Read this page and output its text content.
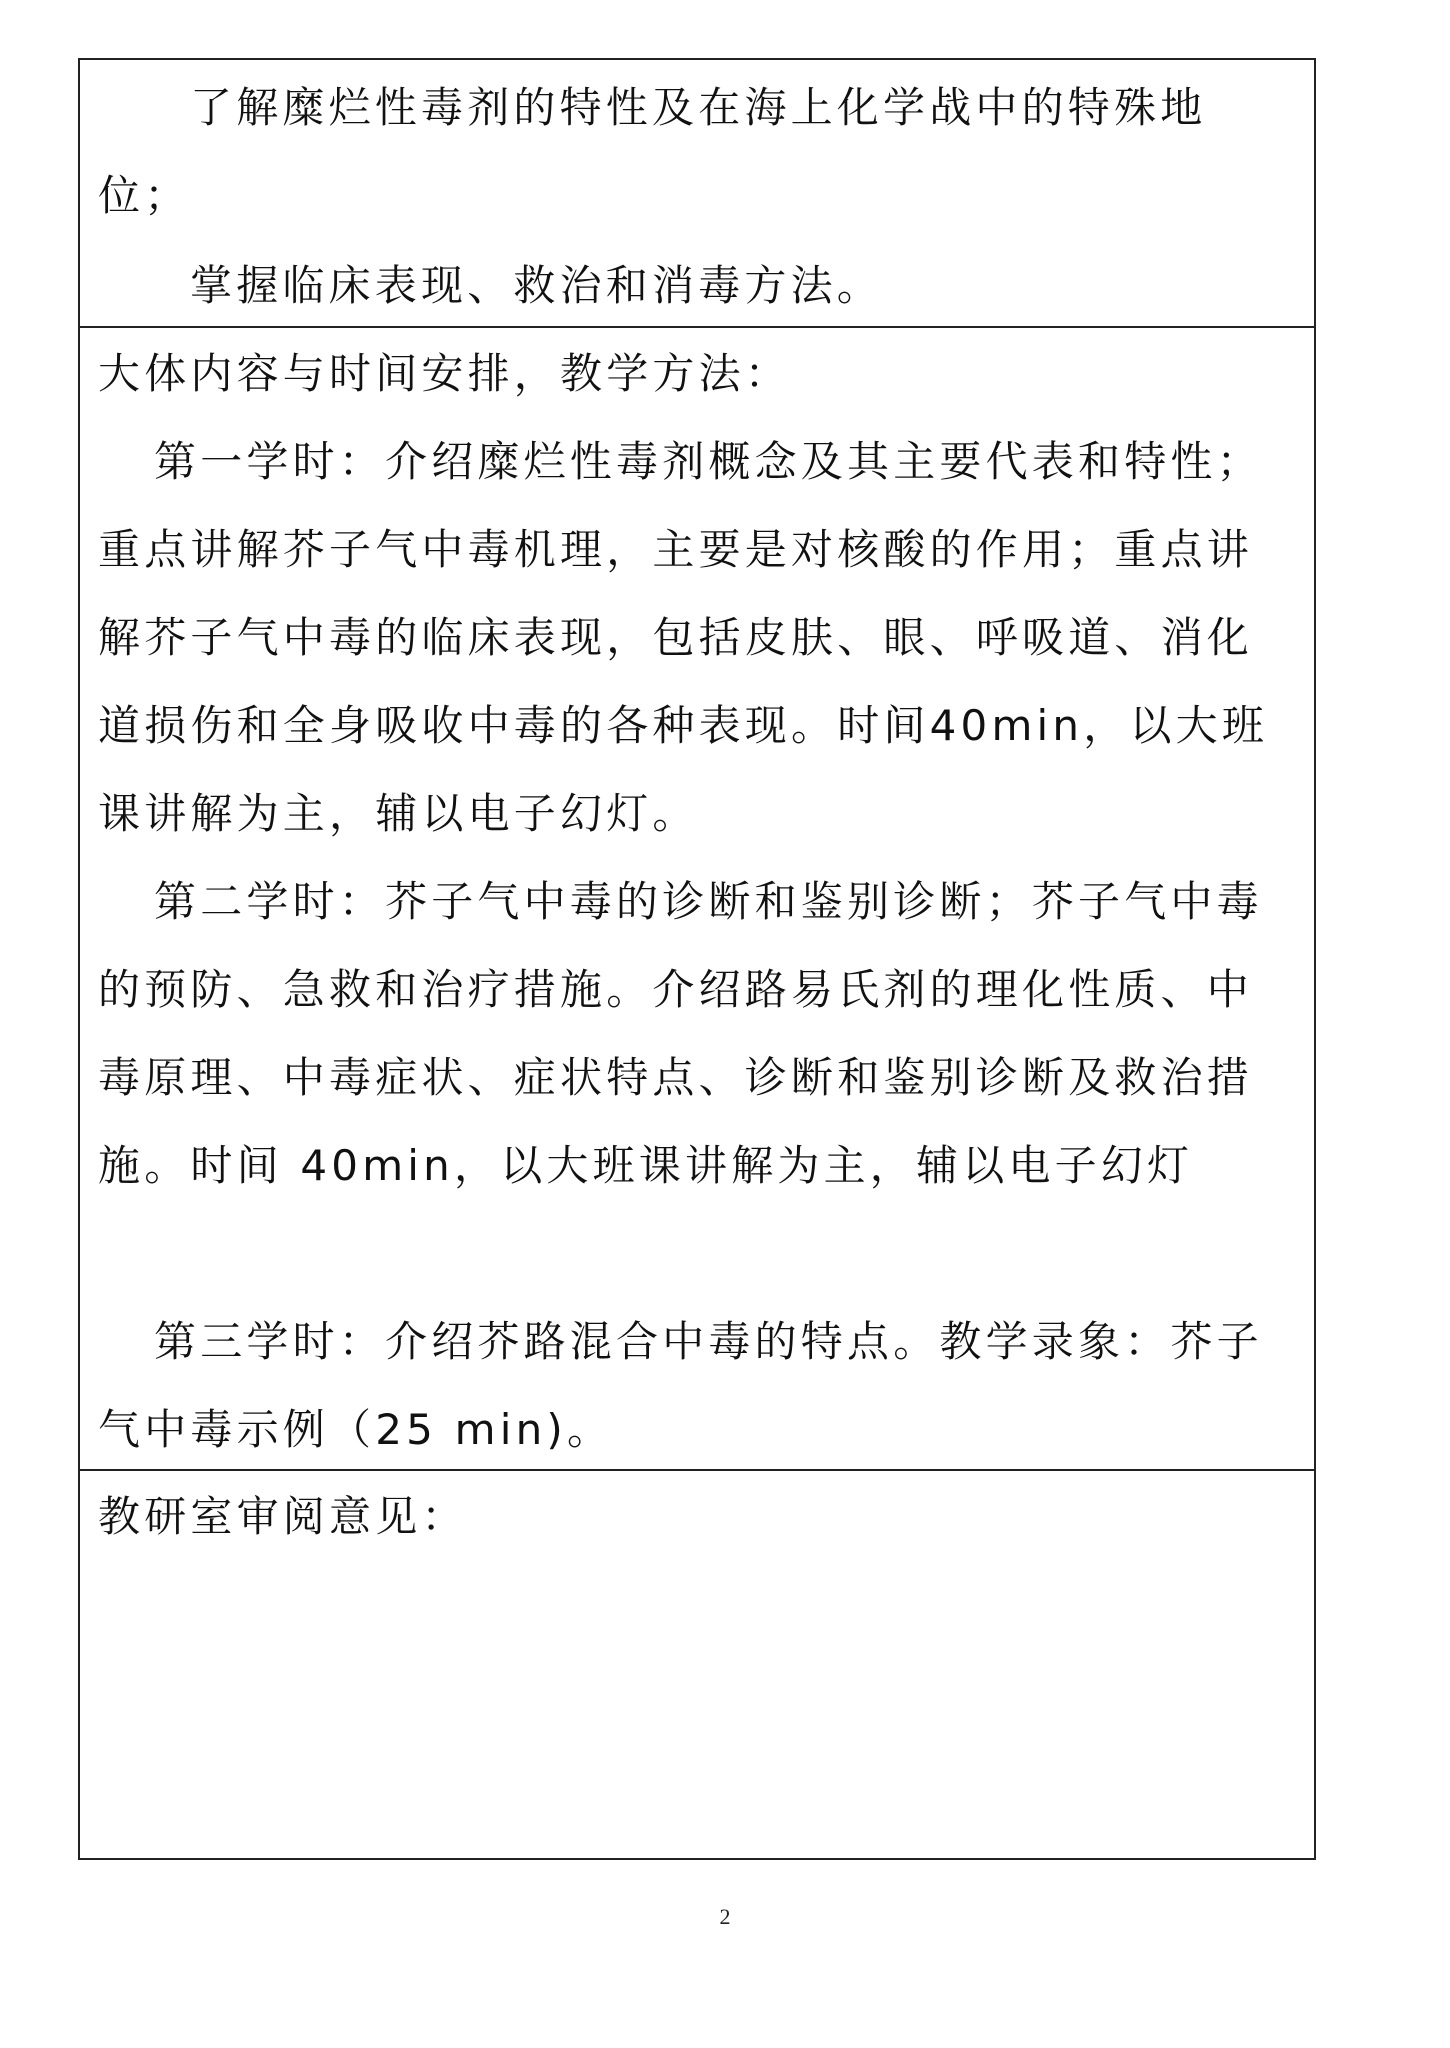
了解糜烂性毒剂的特性及在海上化学战中的特殊地位；

掌握临床表现、救治和消毒方法。

大体内容与时间安排，教学方法：

第一学时：介绍糜烂性毒剂概念及其主要代表和特性；重点讲解芥子气中毒机理，主要是对核酸的作用；重点讲解芥子气中毒的临床表现，包括皮肤、眼、呼吸道、消化道损伤和全身吸收中毒的各种表现。时间40min，以大班课讲解为主，辅以电子幻灯。

第二学时：芥子气中毒的诊断和鉴别诊断；芥子气中毒的预防、急救和治疗措施。介绍路易氏剂的理化性质、中毒原理、中毒症状、症状特点、诊断和鉴别诊断及救治措施。时间 40min，以大班课讲解为主，辅以电子幻灯

第三学时：介绍芥路混合中毒的特点。教学录象：芥子气中毒示例（25 min)。

教研室审阅意见：

2
